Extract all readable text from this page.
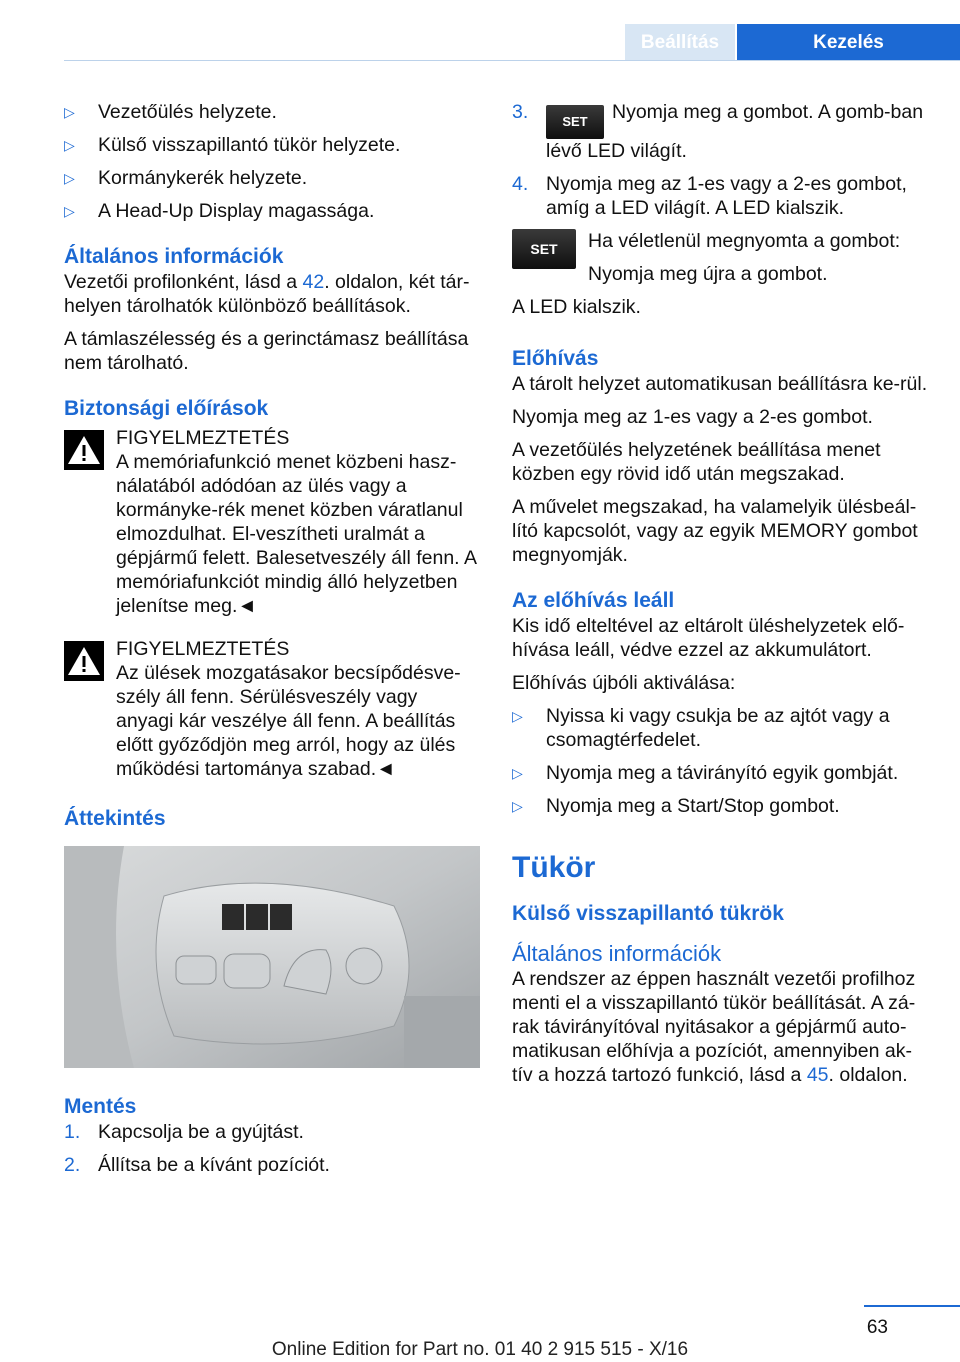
Beállítás	Kezelés
▷ Vezetőülés helyzete.
▷ Külső visszapillantó tükör helyzete.
▷ Kormánykerék helyzete.
▷ A Head-Up Display magassága.
Általános információk

Vezetői profilonként, lásd a 42. oldalon, két tár-helyen tárolhatók különböző beállítások.

A támlaszélesség és a gerinctámasz beállítása nem tárolható.

Biztonsági előírások

FIGYELMEZTETÉS

A memóriafunkció menet közbeni hasz-nálatából adódóan az ülés vagy a kormányke-rék menet közben váratlanul elmozdulhat. El-veszítheti uralmát a gépjármű felett. Balesetveszély áll fenn. A memóriafunkciót mindig álló helyzetben jelenítse meg.◄

FIGYELMEZTETÉS

Az ülések mozgatásakor becsípődésve-szély áll fenn. Sérülésveszély vagy anyagi kár veszélye áll fenn. A beállítás előtt győződjön meg arról, hogy az ülés működési tartománya szabad.◄

Áttekintés
Mentés
1. Kapcsolja be a gyújtást.
2. Állítsa be a kívánt pozíciót.
3.	SET Nyomja meg a gombot. A gomb-ban lévő LED világít.
4. Nyomja meg az 1-es vagy a 2-es gombot, amíg a LED világít. A LED kialszik.
SET	Ha véletlenül megnyomta a gombot:

Nyomja meg újra a gombot.

A LED kialszik.

Előhívás

A tárolt helyzet automatikusan beállításra ke-rül.

Nyomja meg az 1-es vagy a 2-es gombot.

A vezetőülés helyzetének beállítása menet közben egy rövid idő után megszakad.

A művelet megszakad, ha valamelyik ülésbeál-lító kapcsolót, vagy az egyik MEMORY gombot megnyomják.

Az előhívás leáll

Kis idő elteltével az eltárolt üléshelyzetek elő-hívása leáll, védve ezzel az akkumulátort.

Előhívás újbóli aktiválása:

▷ Nyissa ki vagy csukja be az ajtót vagy a csomagtérfedelet.
▷ Nyomja meg a távirányító egyik gombját.
▷ Nyomja meg a Start/Stop gombot.
Tükör
Külső visszapillantó tükrök
Általános információk

A rendszer az éppen használt vezetői profilhoz menti el a visszapillantó tükör beállítását. A zá-rak távirányítóval nyitásakor a gépjármű auto-matikusan előhívja a pozíciót, amennyiben ak-tív a hozzá tartozó funkció, lásd a 45. oldalon.

63
Online Edition for Part no. 01 40 2 915 515 - X/16
